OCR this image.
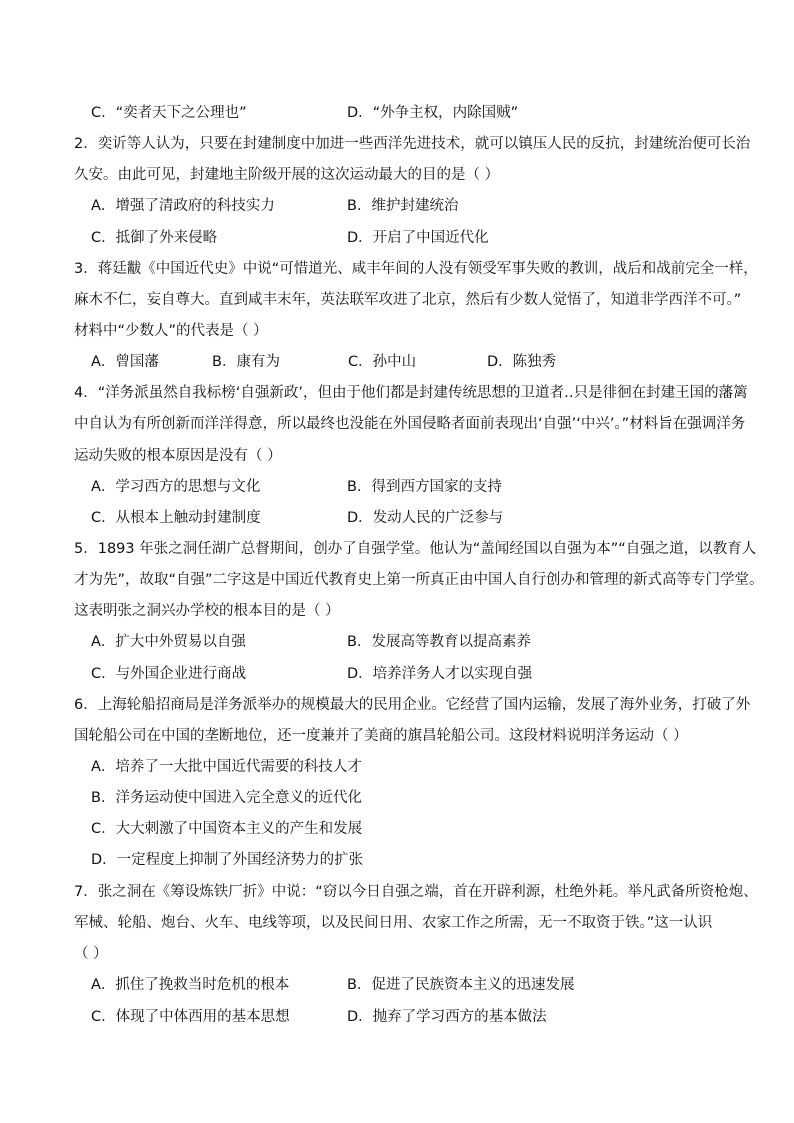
C．“奕者天下之公理也”	D．“外争主权，内除国贼”
2．奕䜣等人认为，只要在封建制度中加进一些西洋先进技术，就可以镇压人民的反抗，封建统治便可长治
久安。由此可见，封建地主阶级开展的这次运动最大的目的是（ ）
A．增强了清政府的科技实力	B．维护封建统治
C．抵御了外来侵略	D．开启了中国近代化
3．蒋廷黻《中国近代史》中说“可惜道光、咸丰年间的人没有领受军事失败的教训，战后和战前完全一样，
麻木不仁，妄自尊大。直到咸丰末年，英法联军攻进了北京，然后有少数人觉悟了，知道非学西洋不可。”
材料中“少数人”的代表是（ ）
A．曾国藩	B．康有为	C．孙中山	D．陈独秀
4．“洋务派虽然自我标榜‘自强新政’，但由于他们都是封建传统思想的卫道者‥只是徘徊在封建王国的藩篱
中自认为有所创新而洋洋得意，所以最终也没能在外国侵略者面前表现出‘自强’‘中兴’。”材料旨在强调洋务
运动失败的根本原因是没有（ ）
A．学习西方的思想与文化	B．得到西方国家的支持
C．从根本上触动封建制度	D．发动人民的广泛参与
5．1893 年张之洞任湖广总督期间，创办了自强学堂。他认为“盖闻经国以自强为本”“自强之道，以教育人
才为先”，故取“自强”二字这是中国近代教育史上第一所真正由中国人自行创办和管理的新式高等专门学堂。
这表明张之洞兴办学校的根本目的是（ ）
A．扩大中外贸易以自强	B．发展高等教育以提高素养
C．与外国企业进行商战	D．培养洋务人才以实现自强
6．上海轮船招商局是洋务派举办的规模最大的民用企业。它经营了国内运输，发展了海外业务，打破了外
国轮船公司在中国的垄断地位，还一度兼并了美商的旗昌轮船公司。这段材料说明洋务运动（ ）
A．培养了一大批中国近代需要的科技人才
B．洋务运动使中国进入完全意义的近代化
C．大大刺激了中国资本主义的产生和发展
D．一定程度上抑制了外国经济势力的扩张
7．张之洞在《筹设炼铁厂折》中说：“窃以今日自强之端，首在开辟利源，杜绝外耗。举凡武备所资枪炮、
军械、轮船、炮台、火车、电线等项，以及民间日用、农家工作之所需，无一不取资于铁。”这一认识
（ ）
A．抓住了挽救当时危机的根本	B．促进了民族资本主义的迅速发展
C．体现了中体西用的基本思想	D．抛弃了学习西方的基本做法
